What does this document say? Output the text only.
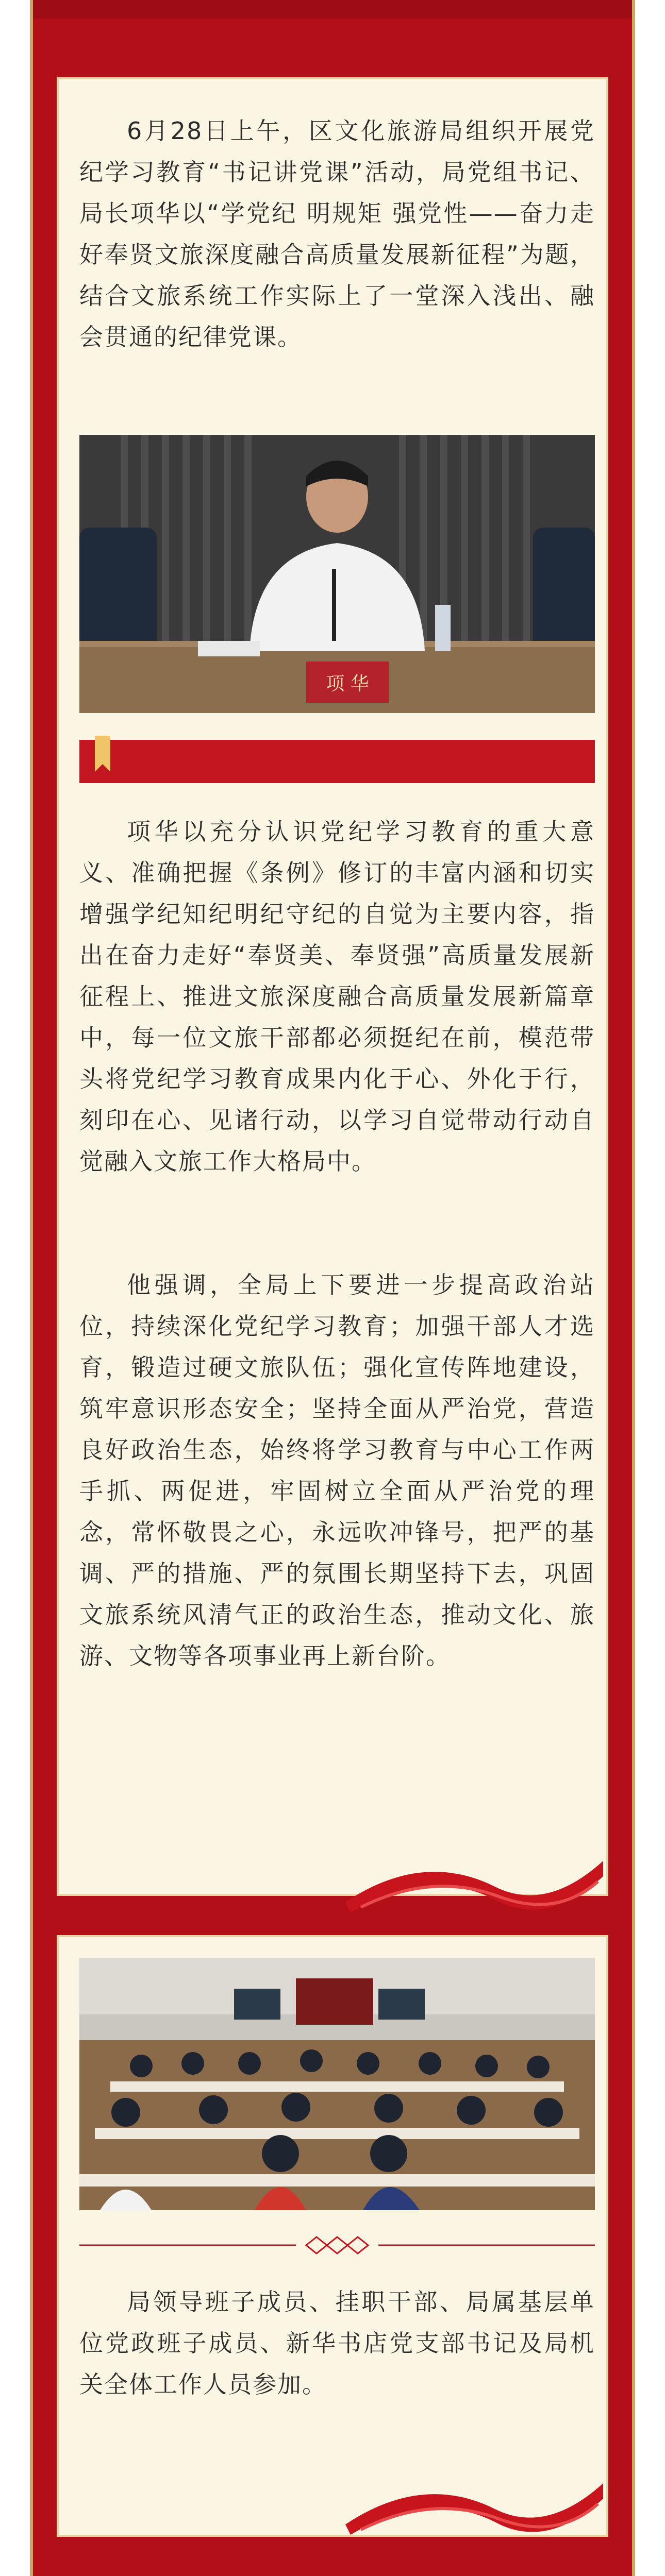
6月28日上午，区文化旅游局组织开展党纪学习教育“书记讲党课”活动，局党组书记、局长项华以“学党纪 明规矩 强党性——奋力走好奉贤文旅深度融合高质量发展新征程”为题，结合文旅系统工作实际上了一堂深入浅出、融会贯通的纪律党课。

项 华

项华以充分认识党纪学习教育的重大意义、准确把握《条例》修订的丰富内涵和切实增强学纪知纪明纪守纪的自觉为主要内容，指出在奋力走好“奉贤美、奉贤强”高质量发展新征程上、推进文旅深度融合高质量发展新篇章中，每一位文旅干部都必须挺纪在前，模范带头将党纪学习教育成果内化于心、外化于行，刻印在心、见诸行动，以学习自觉带动行动自觉融入文旅工作大格局中。

他强调，全局上下要进一步提高政治站位，持续深化党纪学习教育；加强干部人才选育，锻造过硬文旅队伍；强化宣传阵地建设，筑牢意识形态安全；坚持全面从严治党，营造良好政治生态，始终将学习教育与中心工作两手抓、两促进，牢固树立全面从严治党的理念，常怀敬畏之心，永远吹冲锋号，把严的基调、严的措施、严的氛围长期坚持下去，巩固文旅系统风清气正的政治生态，推动文化、旅游、文物等各项事业再上新台阶。

局领导班子成员、挂职干部、局属基层单位党政班子成员、新华书店党支部书记及局机关全体工作人员参加。
